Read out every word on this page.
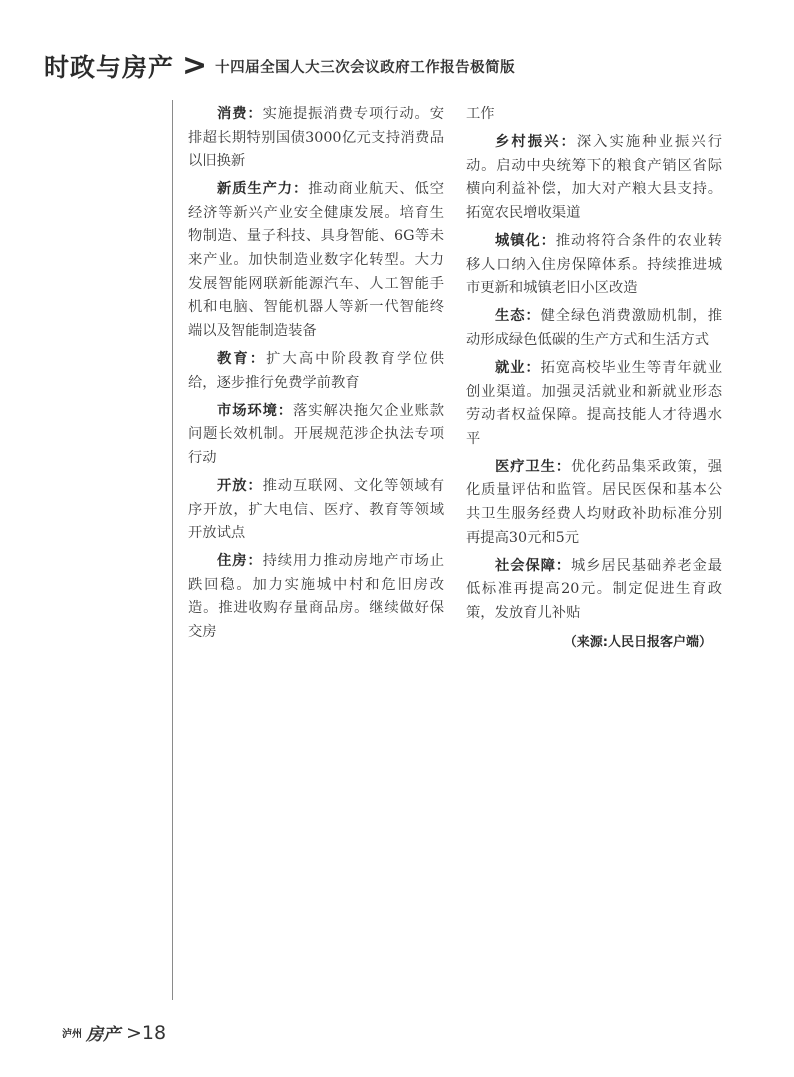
时政与房产 > 十四届全国人大三次会议政府工作报告极简版

消费：实施提振消费专项行动。安排超长期特别国债3000亿元支持消费品以旧换新

新质生产力：推动商业航天、低空经济等新兴产业安全健康发展。培育生物制造、量子科技、具身智能、6G等未来产业。加快制造业数字化转型。大力发展智能网联新能源汽车、人工智能手机和电脑、智能机器人等新一代智能终端以及智能制造装备

教育：扩大高中阶段教育学位供给，逐步推行免费学前教育

市场环境：落实解决拖欠企业账款问题长效机制。开展规范涉企执法专项行动

开放：推动互联网、文化等领域有序开放，扩大电信、医疗、教育等领域开放试点

住房：持续用力推动房地产市场止跌回稳。加力实施城中村和危旧房改造。推进收购存量商品房。继续做好保交房

工作

乡村振兴：深入实施种业振兴行动。启动中央统筹下的粮食产销区省际横向利益补偿，加大对产粮大县支持。拓宽农民增收渠道

城镇化：推动将符合条件的农业转移人口纳入住房保障体系。持续推进城市更新和城镇老旧小区改造

生态：健全绿色消费激励机制，推动形成绿色低碳的生产方式和生活方式

就业：拓宽高校毕业生等青年就业创业渠道。加强灵活就业和新就业形态劳动者权益保障。提高技能人才待遇水平

医疗卫生：优化药品集采政策，强化质量评估和监管。居民医保和基本公共卫生服务经费人均财政补助标准分别再提高30元和5元

社会保障：城乡居民基础养老金最低标准再提高20元。制定促进生育政策，发放育儿补贴

（来源:人民日报客户端）
泸州 房产 >18
